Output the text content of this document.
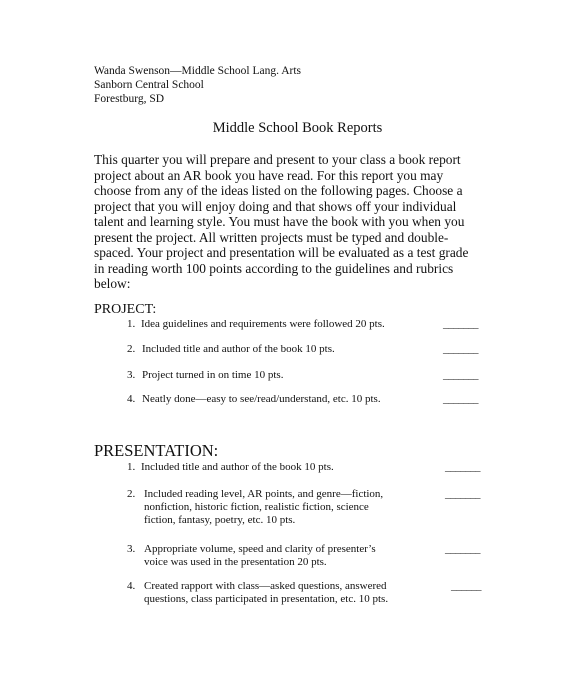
Wanda Swenson—Middle School Lang. Arts
Sanborn Central School
Forestburg, SD
Middle School Book Reports
This quarter you will prepare and present to your class a book report
project about an AR book you have read. For this report you may
choose from any of the ideas listed on the following pages. Choose a
project that you will enjoy doing and that shows off your individual
talent and learning style. You must have the book with you when you
present the project. All written projects must be typed and double-
spaced. Your project and presentation will be evaluated as a test grade
in reading worth 100 points according to the guidelines and rubrics
below:
PROJECT:
1. Idea guidelines and requirements were followed 20 pts.	_______
2. Included title and author of the book 10 pts.	_______
3. Project turned in on time 10 pts.	_______
4. Neatly done—easy to see/read/understand, etc. 10 pts.	_______
PRESENTATION:
1. Included title and author of the book 10 pts.	_______
2. Included reading level, AR points, and genre—fiction,
nonfiction, historic fiction, realistic fiction, science
fiction, fantasy, poetry, etc. 10 pts.
_______
3. Appropriate volume, speed and clarity of presenter’s
voice was used in the presentation 20 pts.
_______
4. Created rapport with class—asked questions, answered
questions, class participated in presentation, etc. 10 pts.
______
